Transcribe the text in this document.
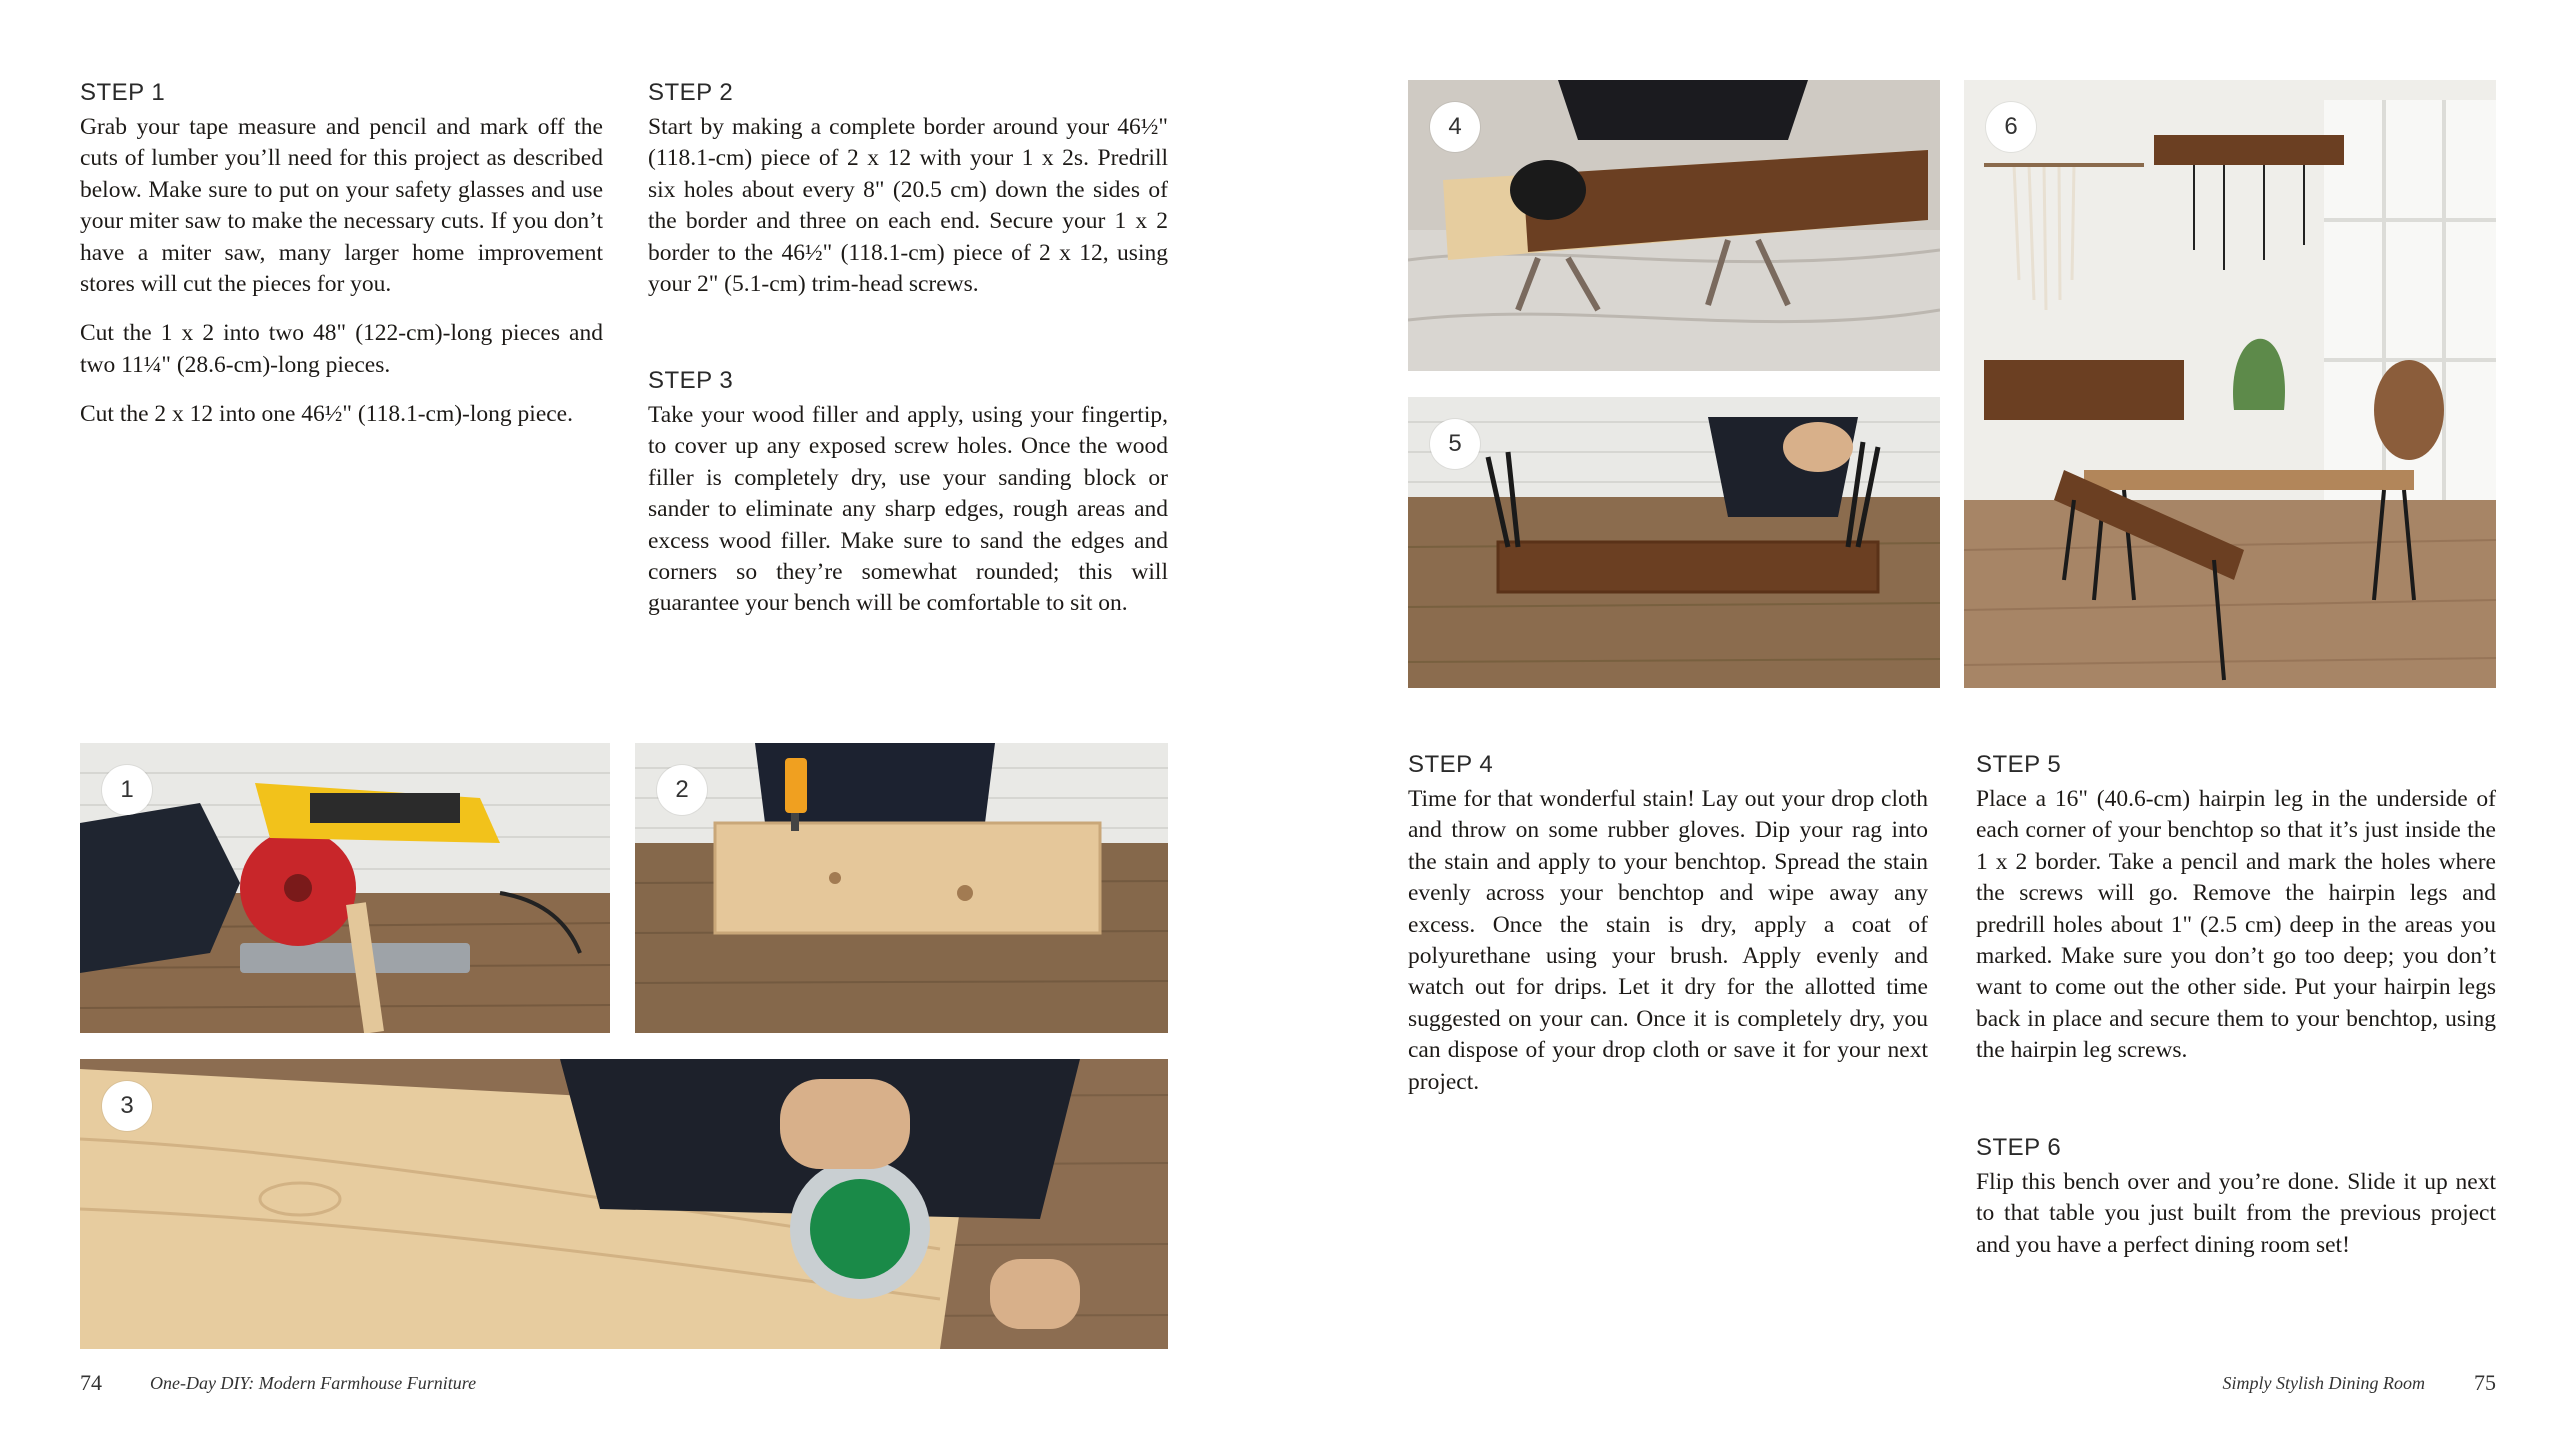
STEP 1

Grab your tape measure and pencil and mark off the cuts of lumber you’ll need for this project as described below. Make sure to put on your safety glasses and use your miter saw to make the necessary cuts. If you don’t have a miter saw, many larger home improvement stores will cut the pieces for you.

Cut the 1 x 2 into two 48" (122-cm)-long pieces and two 11¼" (28.6-cm)-long pieces.

Cut the 2 x 12 into one 46½" (118.1-cm)-long piece.

STEP 2

Start by making a complete border around your 46½" (118.1-cm) piece of 2 x 12 with your 1 x 2s. Predrill six holes about every 8" (20.5 cm) down the sides of the border and three on each end. Secure your 1 x 2 border to the 46½" (118.1-cm) piece of 2 x 12, using your 2" (5.1-cm) trim-head screws.

STEP 3

Take your wood filler and apply, using your fingertip, to cover up any exposed screw holes. Once the wood filler is completely dry, use your sanding block or sander to eliminate any sharp edges, rough areas and excess wood filler. Make sure to sand the edges and corners so they’re somewhat rounded; this will guarantee your bench will be comfortable to sit on.

1	2
3
4
5
6
STEP 4

Time for that wonderful stain! Lay out your drop cloth and throw on some rubber gloves. Dip your rag into the stain and apply to your benchtop. Spread the stain evenly across your benchtop and wipe away any excess. Once the stain is dry, apply a coat of polyurethane using your brush. Apply evenly and watch out for drips. Let it dry for the allotted time suggested on your can. Once it is completely dry, you can dispose of your drop cloth or save it for your next project.

STEP 5

Place a 16" (40.6-cm) hairpin leg in the underside of each corner of your benchtop so that it’s just inside the 1 x 2 border. Take a pencil and mark the holes where the screws will go. Remove the hairpin legs and predrill holes about 1" (2.5 cm) deep in the areas you marked. Make sure you don’t go too deep; you don’t want to come out the other side. Put your hairpin legs back in place and secure them to your benchtop, using the hairpin leg screws.

STEP 6

Flip this bench over and you’re done. Slide it up next to that table you just built from the previous project and you have a perfect dining room set!

74	One-Day DIY: Modern Farmhouse Furniture	Simply Stylish Dining Room 75
